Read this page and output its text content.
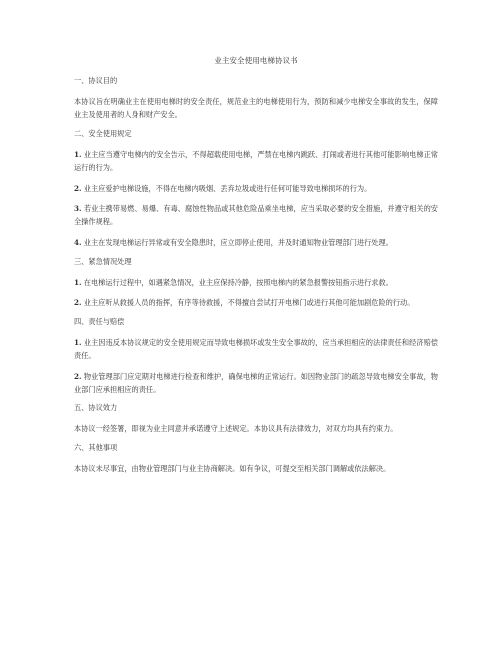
业主安全使用电梯协议书
一、协议目的

本协议旨在明确业主在使用电梯时的安全责任，规范业主的电梯使用行为，预防和减少电梯安全事故的发生，保障业主及使用者的人身和财产安全。

二、安全使用规定

1. 业主应当遵守电梯内的安全告示，不得超载使用电梯，严禁在电梯内跳跃、打闹或者进行其他可能影响电梯正常运行的行为。

2. 业主应爱护电梯设施，不得在电梯内吸烟、丢弃垃圾或进行任何可能导致电梯损坏的行为。

3. 若业主携带易燃、易爆、有毒、腐蚀性物品或其他危险品乘坐电梯，应当采取必要的安全措施，并遵守相关的安全操作规程。

4. 业主在发现电梯运行异常或有安全隐患时，应立即停止使用，并及时通知物业管理部门进行处理。

三、紧急情况处理

1. 在电梯运行过程中，如遇紧急情况，业主应保持冷静，按照电梯内的紧急报警按钮指示进行求救。

2. 业主应听从救援人员的指挥，有序等待救援，不得擅自尝试打开电梯门或进行其他可能加剧危险的行动。

四、责任与赔偿

1. 业主因违反本协议规定的安全使用规定而导致电梯损坏或发生安全事故的，应当承担相应的法律责任和经济赔偿责任。

2. 物业管理部门应定期对电梯进行检查和维护，确保电梯的正常运行。如因物业部门的疏忽导致电梯安全事故，物业部门应承担相应的责任。

五、协议效力

本协议一经签署，即视为业主同意并承诺遵守上述规定。本协议具有法律效力，对双方均具有约束力。

六、其他事项

本协议未尽事宜，由物业管理部门与业主协商解决。如有争议，可提交至相关部门调解或依法解决。
